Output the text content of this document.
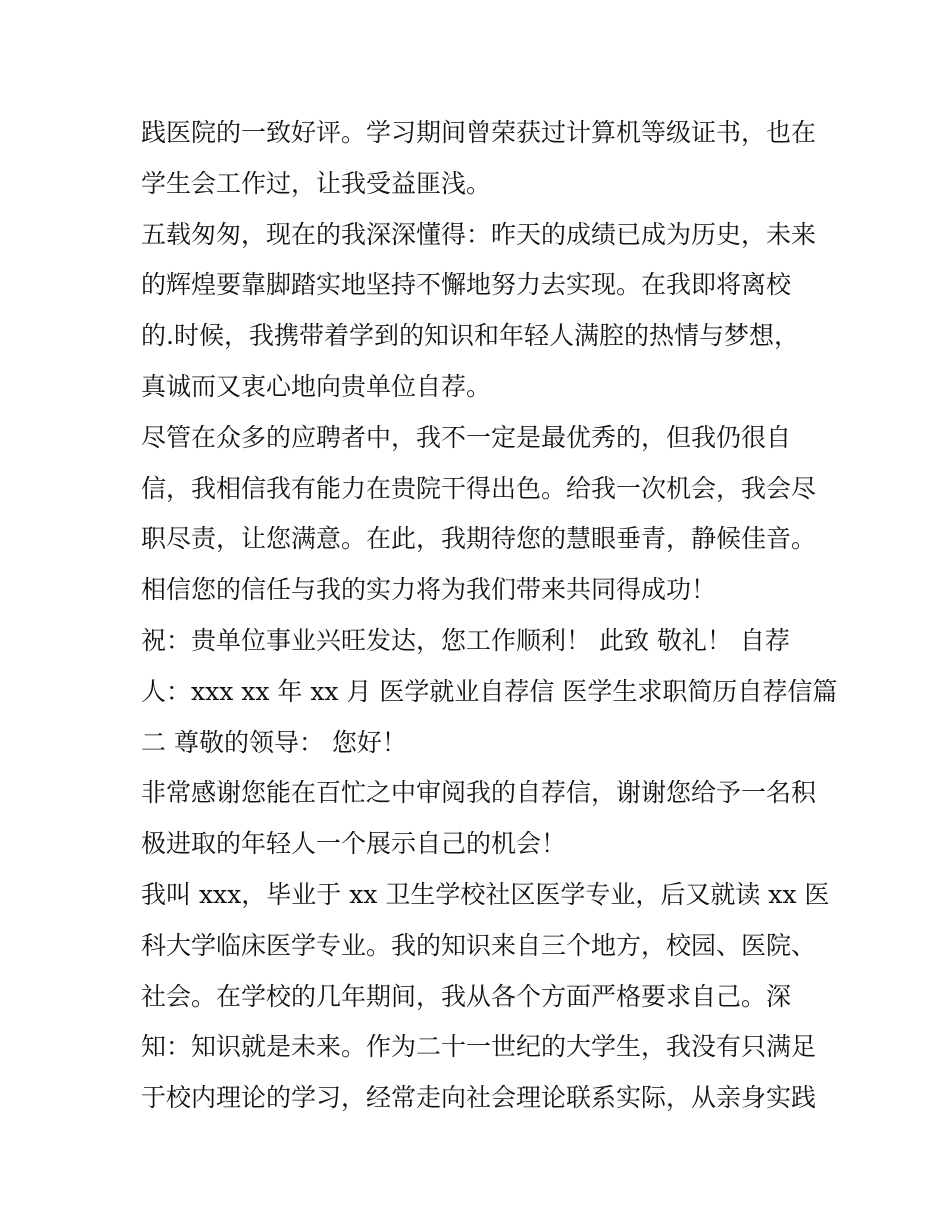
践医院的一致好评。学习期间曾荣获过计算机等级证书，也在
学生会工作过，让我受益匪浅。
五载匆匆，现在的我深深懂得：昨天的成绩已成为历史，未来
的辉煌要靠脚踏实地坚持不懈地努力去实现。在我即将离校
的.时候，我携带着学到的知识和年轻人满腔的热情与梦想，
真诚而又衷心地向贵单位自荐。
尽管在众多的应聘者中，我不一定是最优秀的，但我仍很自
信，我相信我有能力在贵院干得出色。给我一次机会，我会尽
职尽责，让您满意。在此，我期待您的慧眼垂青，静候佳音。
相信您的信任与我的实力将为我们带来共同得成功！
祝：贵单位事业兴旺发达，您工作顺利！ 此致 敬礼！ 自荐
人：xxx xx 年 xx 月 医学就业自荐信 医学生求职简历自荐信篇
二 尊敬的领导： 您好！
非常感谢您能在百忙之中审阅我的自荐信，谢谢您给予一名积
极进取的年轻人一个展示自己的机会！
我叫 xxx，毕业于 xx 卫生学校社区医学专业，后又就读 xx 医
科大学临床医学专业。我的知识来自三个地方，校园、医院、
社会。在学校的几年期间，我从各个方面严格要求自己。深
知：知识就是未来。作为二十一世纪的大学生，我没有只满足
于校内理论的学习，经常走向社会理论联系实际，从亲身实践
